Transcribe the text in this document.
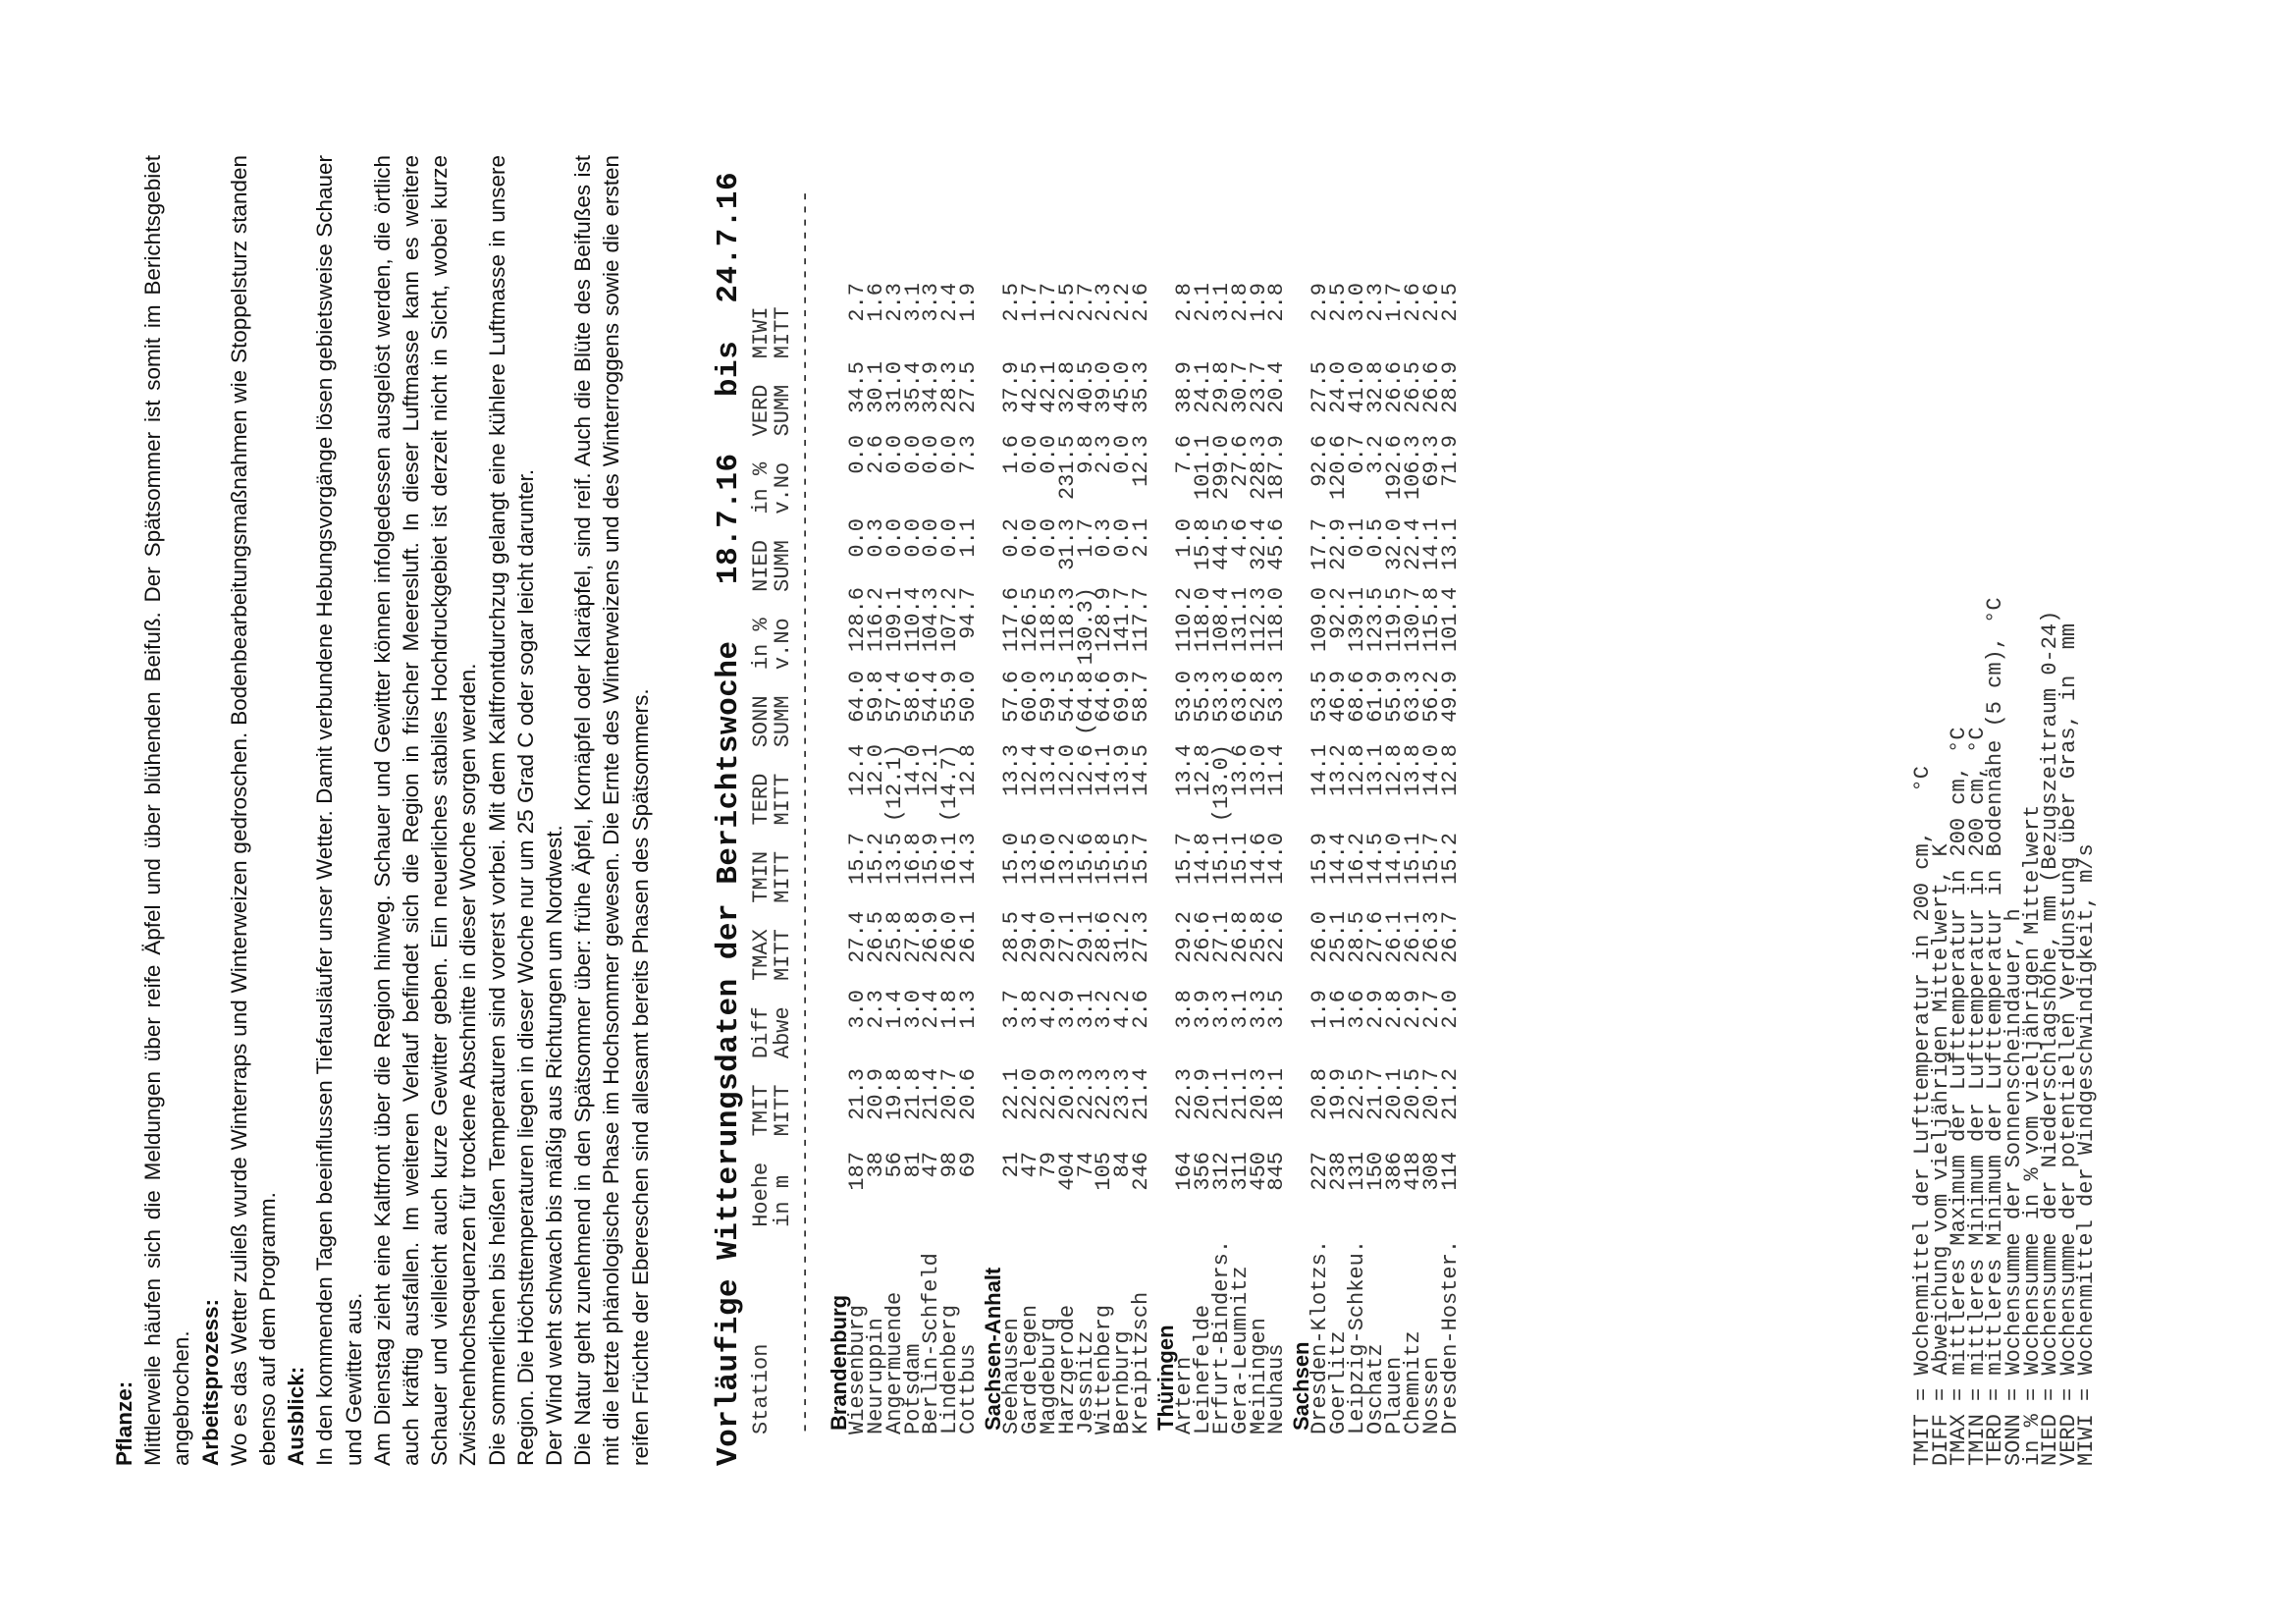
Pflanze: Mittlerweile häufen sich die Meldungen über reife Äpfel und über blühenden Beifuß. Der Spätsommer ist somit im Berichtsgebiet angebrochen. Arbeitsprozess: Wo es das Wetter zuließ wurde Winterraps und Winterweizen gedroschen. Bodenbearbeitungsmaßnahmen wie Stoppelsturz standen ebenso auf dem Programm. Ausblick: In den kommenden Tagen beeinflussen Tiefausläufer unser Wetter. Damit verbundene Hebungsvorgänge lösen gebietsweise Schauer und Gewitter aus. Am Dienstag zieht eine Kaltfront über die Region hinweg. Schauer und Gewitter können infolgedessen ausgelöst werden, die örtlich auch kräftig ausfallen. Im weiteren Verlauf befindet sich die Region in frischer Meeresluft. In dieser Luftmasse kann es weitere Schauer und vielleicht auch kurze Gewitter geben. Ein neuerliches stabiles Hochdruckgebiet ist derzeit nicht in Sicht, wobei kurze Zwischenhochsequenzen für trockene Abschnitte in dieser Woche sorgen werden. Die sommerlichen bis heißen Temperaturen sind vorerst vorbei. Mit dem Kaltfrontdurchzug gelangt eine kühlere Luftmasse in unsere Region. Die Höchsttemperaturen liegen in dieser Woche nur um 25 Grad C oder sogar leicht darunter. Der Wind weht schwach bis mäßig aus Richtungen um Nordwest. Die Natur geht zunehmend in den Spätsommer über: frühe Äpfel, Kornäpfel oder Klaräpfel, sind reif. Auch die Blüte des Beifußes ist mit die letzte phänologische Phase im Hochsommer gewesen. Die Ernte des Winterweizens und des Winterroggens sowie die ersten reifen Früchte der Ebereschen sind allesamt bereits Phasen des Spätsommers. Vorläufige Witterungsdaten der Berichtswoche   18.7.16   bis  24.7.16 Station         Hoehe  TMIT  Diff  TMAX  TMIN  TERD  SONN  in %  NIED  in %  VERD  MIWI
in m   MITT  Abwe  MITT  MITT  MITT  SUMM  v.No  SUMM  v.No  SUMM  MITT
------------------------------------------------------------------------------------------------ Brandenburg
Wiesenburg
187
21.3
3.0
27.4
15.7
12.4
64.0
128.6
0.0
0.0
34.5
2.7
Neuruppin
38
20.9
2.3
26.5
15.2
12.0
59.8
116.2
0.3
2.6
30.1
1.6
Angermuende
56
19.8
1.4
25.8
13.5
(12.1)
57.4
109.1
0.0
0.0
31.0
2.3
Potsdam
81
21.8
3.0
27.8
16.8
14.0
58.6
110.4
0.0
0.0
35.4
3.1
Berlin-Schfeld
47
21.4
2.4
26.9
15.9
12.1
54.4
104.3
0.0
0.0
34.9
3.3
Lindenberg
98
20.7
1.8
26.0
16.1
(14.7)
55.9
107.2
0.0
0.0
28.3
2.4
Cottbus
69
20.6
1.3
26.1
14.3
12.8
50.0
94.7
1.1
7.3
27.5
1.9
Sachsen-Anhalt
Seehausen
21
22.1
3.7
28.5
15.0
13.3
57.6
117.6
0.2
1.6
37.9
2.5
Gardelegen
47
22.0
3.8
29.4
13.5
12.4
60.0
126.5
0.0
0.0
42.5
1.7
Magdeburg
79
22.9
4.2
29.0
16.0
13.4
59.3
118.5
0.0
0.0
42.1
1.7
Harzgerode
404
20.3
3.9
27.1
13.2
12.0
54.5
118.3
31.3
231.5
32.8
2.5
Jessnitz
74
22.3
3.1
29.1
15.6
12.6
(64.8
130.3)
1.7
9.8
40.5
2.7
Wittenberg
105
22.3
3.2
28.6
15.8
14.1
64.6
128.9
0.3
2.3
39.0
2.3
Bernburg
84
23.3
4.2
31.2
15.5
13.9
69.9
141.7
0.0
0.0
45.0
2.2
Kreipitzsch
246
21.4
2.6
27.3
15.7
14.5
58.7
117.7
2.1
12.3
35.3
2.6
Thüringen
Artern
164
22.3
3.8
29.2
15.7
13.4
53.0
110.2
1.0
7.6
38.9
2.8
Leinefelde
356
20.9
3.9
26.6
14.8
12.8
55.3
118.0
15.8
101.1
24.1
2.1
Erfurt-Binders.
312
21.1
3.3
27.1
15.1
(13.0)
53.3
108.4
44.5
299.0
29.8
3.1
Gera-Leumnitz
311
21.1
3.1
26.8
15.1
13.6
63.6
131.1
4.6
27.6
30.7
2.8
Meiningen
450
20.3
3.3
25.8
14.6
13.0
52.8
112.3
32.4
228.3
23.7
1.9
Neuhaus
845
18.1
3.5
22.6
14.0
11.4
53.3
118.0
45.6
187.9
20.4
2.8
Sachsen
Dresden-Klotzs.
227
20.8
1.9
26.0
15.9
14.1
53.5
109.0
17.7
92.6
27.5
2.9
Goerlitz
238
19.9
1.6
25.1
14.4
13.2
46.9
92.2
22.9
120.6
24.0
2.5
Leipzig-Schkeu.
131
22.5
3.6
28.5
16.2
12.8
68.6
139.1
0.1
0.7
41.0
3.0
Oschatz
150
21.7
2.9
27.6
14.5
13.1
61.9
123.5
0.5
3.2
32.8
2.3
Plauen
386
20.1
2.8
26.1
14.0
12.8
55.9
119.5
32.0
192.6
26.6
1.7
Chemnitz
418
20.5
2.9
26.1
15.1
13.8
63.3
130.7
22.4
106.3
26.5
2.6
Nossen
308
20.7
2.7
26.3
15.7
14.0
56.2
115.8
14.1
69.3
26.6
2.6
Dresden-Hoster.
114
21.2
2.0
26.7
15.2
12.8
49.9
101.4
13.1
71.9
28.9
2.5
TMIT = Wochenmittel der Lufttemperatur in 200 cm,   °C
DIFF = Abweichung vom vieljährigen Mittelwert, K
TMAX = mittleres Maximum der Lufttemperatur in 200 cm, °C
TMIN = mittleres Minimum der Lufttemperatur in 200 cm, °C
TERD = mittleres Minimum der Lufttemperatur in Bodennähe (5 cm), °C
SONN = Wochensumme der Sonnenscheindauer, h
in % = Wochensumme in % vom vieljährigen Mittelwert
NIED = Wochensumme der Niederschlagshöhe, mm (Bezugszeitraum 0-24)
VERD = Wochensumme der potentiellen Verdunstung über Gras, in  mm
MIWI = Wochenmittel der Windgeschwindigkeit, m/s
